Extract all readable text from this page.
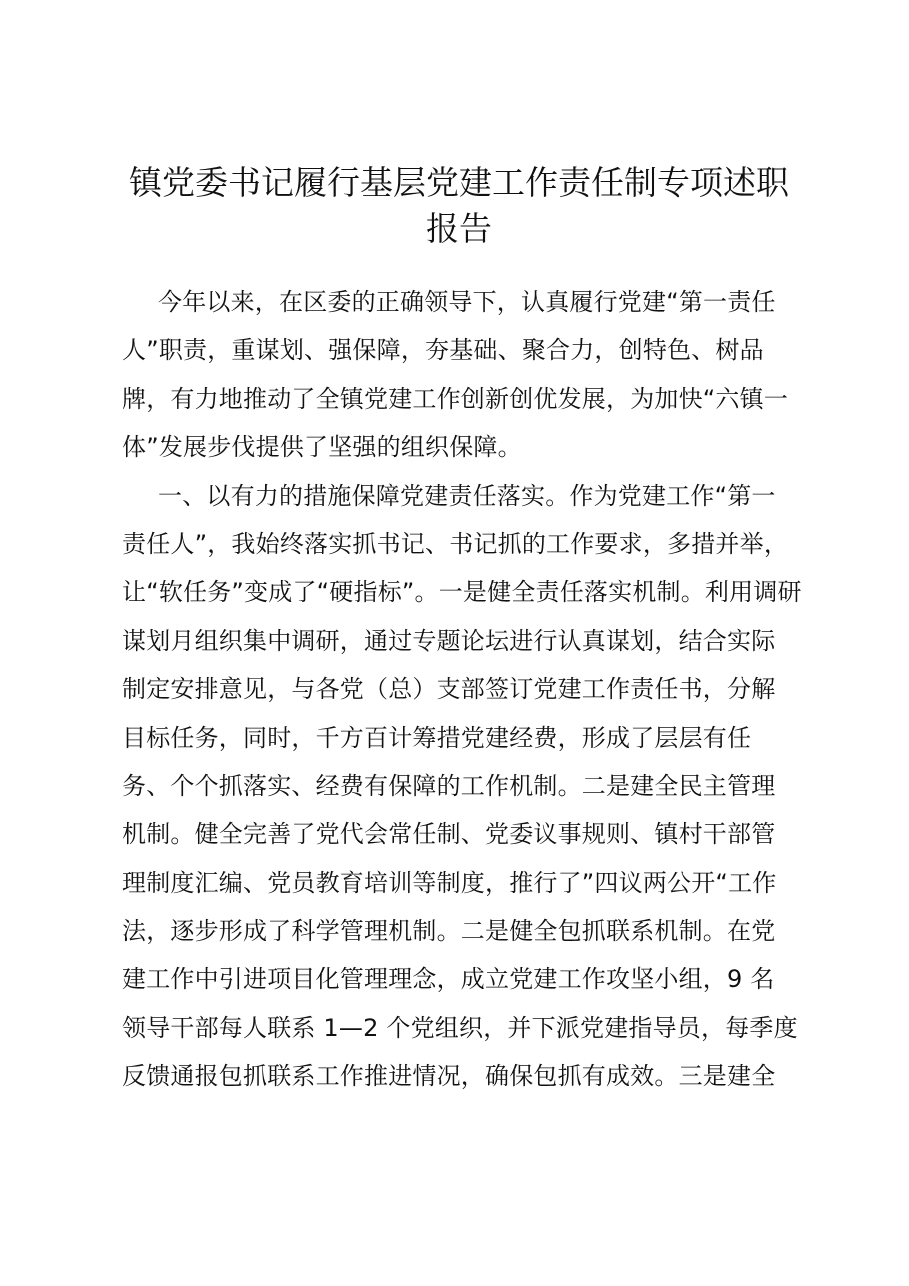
镇党委书记履行基层党建工作责任制专项述职
报告
今年以来，在区委的正确领导下，认真履行党建“第一责任
人”职责，重谋划、强保障，夯基础、聚合力，创特色、树品
牌，有力地推动了全镇党建工作创新创优发展，为加快“六镇一
体”发展步伐提供了坚强的组织保障。
一、以有力的措施保障党建责任落实。作为党建工作“第一
责任人”，我始终落实抓书记、书记抓的工作要求，多措并举，
让“软任务”变成了“硬指标”。一是健全责任落实机制。利用调研
谋划月组织集中调研，通过专题论坛进行认真谋划，结合实际
制定安排意见，与各党（总）支部签订党建工作责任书，分解
目标任务，同时，千方百计筹措党建经费，形成了层层有任
务、个个抓落实、经费有保障的工作机制。二是建全民主管理
机制。健全完善了党代会常任制、党委议事规则、镇村干部管
理制度汇编、党员教育培训等制度，推行了”四议两公开“工作
法，逐步形成了科学管理机制。二是健全包抓联系机制。在党
建工作中引进项目化管理理念，成立党建工作攻坚小组，9 名
领导干部每人联系 1—2 个党组织，并下派党建指导员，每季度
反馈通报包抓联系工作推进情况，确保包抓有成效。三是建全
